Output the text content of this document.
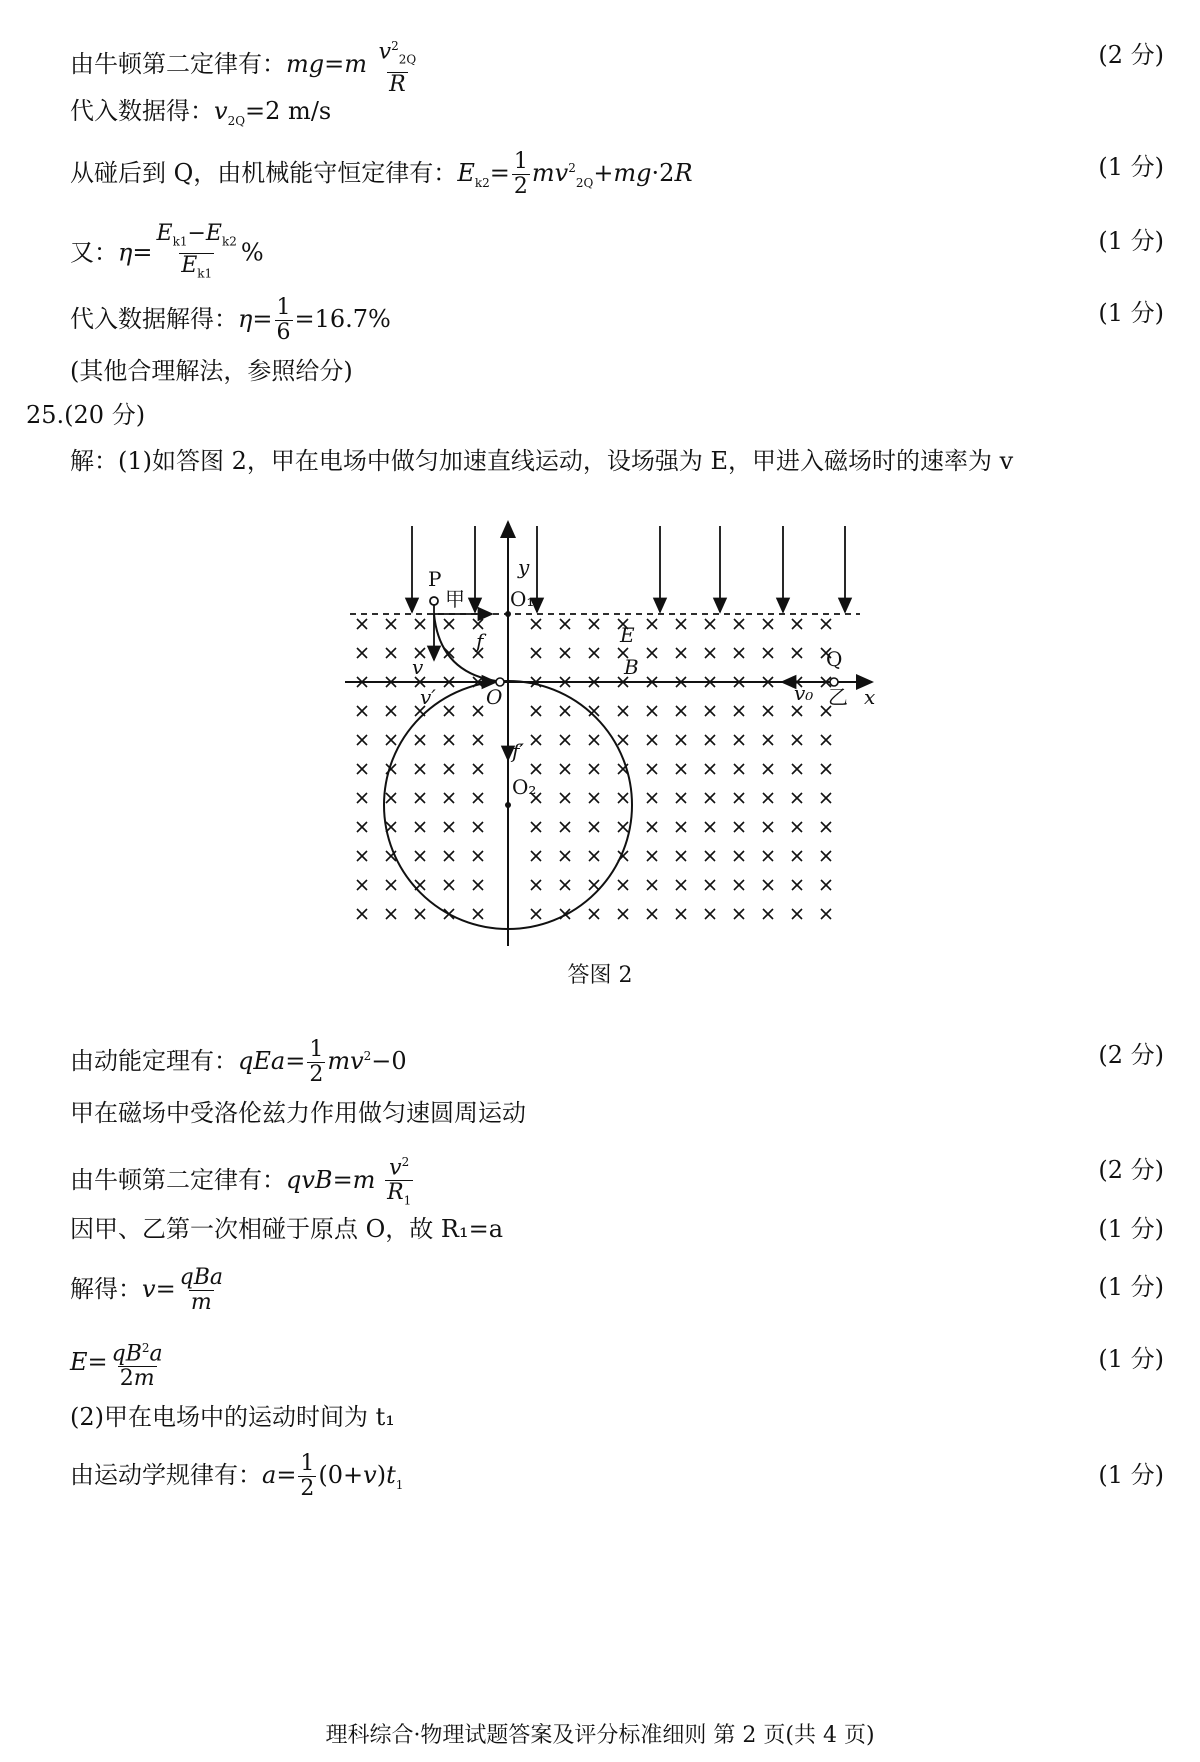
由牛顿第二定律有：$mg=m \frac{v^2_{2Q}}{R}$	(2 分)
代入数据得：$v_{2Q}=2$ m/s
从碰后到 Q，由机械能守恒定律有：$E_{k2}= \frac{1}{2} mv^2_{2Q}+mg\cdot 2R$	(1 分)
又：$\eta= \frac{E_{k1}-E_{k2}}{E_{k1}}$ %	(1 分)
代入数据解得：$\eta= \frac{1}{6} =16.7\%$	(1 分)
(其他合理解法，参照给分)
25.(20 分)
解：(1)如答图 2，甲在电场中做匀加速直线运动，设场强为 E，甲进入磁场时的速率为 v
P
甲
y
E
O₁
f
v	B	Q
v′	O	v₀ 乙 x
f′
O₂
答图 2
由动能定理有：$qEa= \frac{1}{2} mv^2-0$	(2 分)
甲在磁场中受洛伦兹力作用做匀速圆周运动
由牛顿第二定律有：$qvB=m \frac{v^2}{R_1}$	(2 分)
因甲、乙第一次相碰于原点 O，故 R₁=a	(1 分)
解得：$v= \frac{\text{qBa}}{m}$	(1 分)
$E= \frac{qB^2a}{2m}$	(1 分)
(2)甲在电场中的运动时间为 t₁
由运动学规律有：$a= \frac{1}{2} (0+v)t_1$	(1 分)
理科综合·物理试题答案及评分标准细则 第 2 页(共 4 页)
